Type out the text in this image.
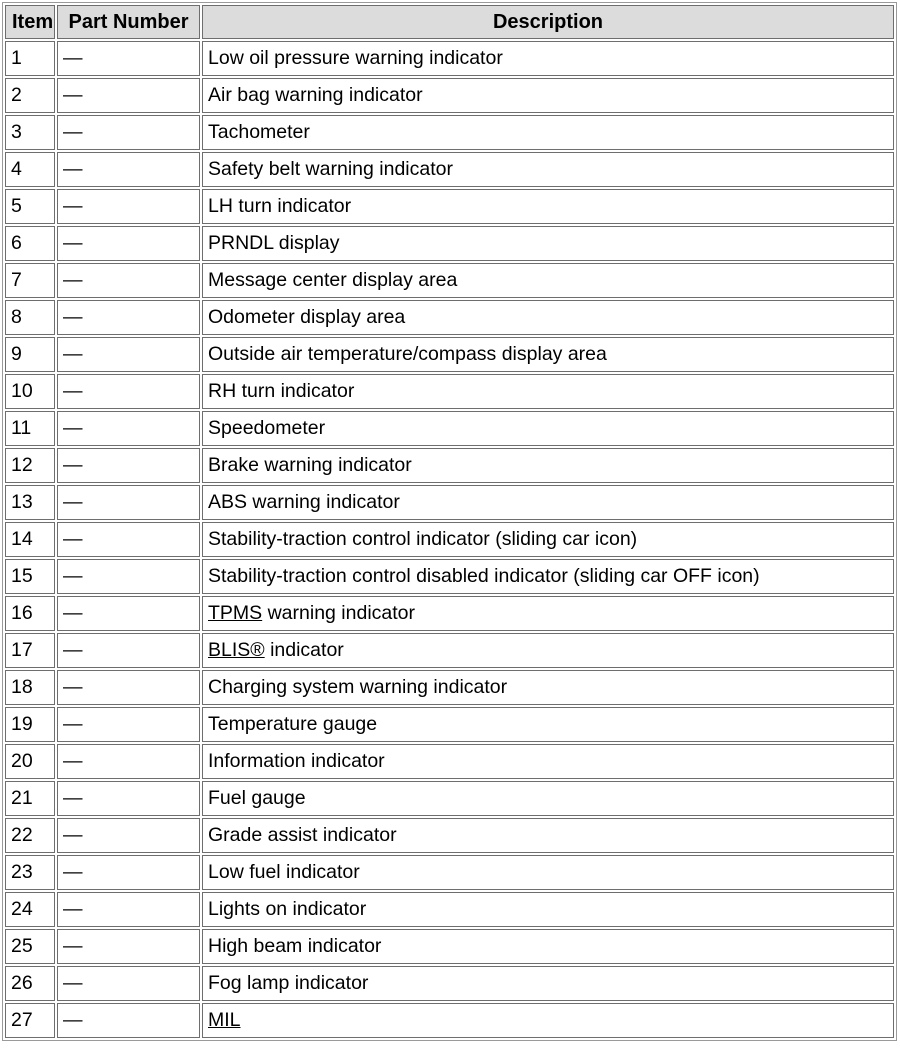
Item	Part Number	Description
1	—	Low oil pressure warning indicator
2	—	Air bag warning indicator
3	—	Tachometer
4	—	Safety belt warning indicator
5	—	LH turn indicator
6	—	PRNDL display
7	—	Message center display area
8	—	Odometer display area
9	—	Outside air temperature/compass display area
10	—	RH turn indicator
11	—	Speedometer
12	—	Brake warning indicator
13	—	ABS warning indicator
14	—	Stability-traction control indicator (sliding car icon)
15	—	Stability-traction control disabled indicator (sliding car OFF icon)
16	—	TPMS warning indicator
17	—	BLIS® indicator
18	—	Charging system warning indicator
19	—	Temperature gauge
20	—	Information indicator
21	—	Fuel gauge
22	—	Grade assist indicator
23	—	Low fuel indicator
24	—	Lights on indicator
25	—	High beam indicator
26	—	Fog lamp indicator
27	—	MIL
